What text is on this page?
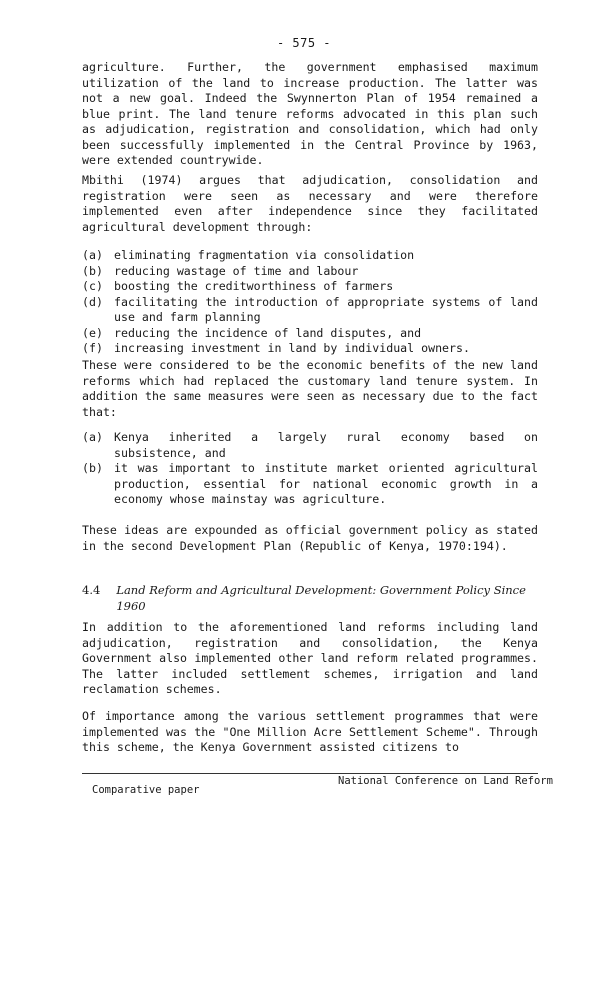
- 575 -

agriculture. Further, the government emphasised maximum utilization of the land to increase production. The latter was not a new goal. Indeed the Swynnerton Plan of 1954 remained a blue print. The land tenure reforms advocated in this plan such as adjudication, registration and consolidation, which had only been successfully implemented in the Central Province by 1963, were extended countrywide.

Mbithi (1974) argues that adjudication, consolidation and registration were seen as necessary and were therefore implemented even after independence since they facilitated agricultural development through:

(a) eliminating fragmentation via consolidation
(b) reducing wastage of time and labour
(c) boosting the creditworthiness of farmers
(d) facilitating the introduction of appropriate systems of land use and farm planning
(e) reducing the incidence of land disputes, and
(f) increasing investment in land by individual owners.

These were considered to be the economic benefits of the new land reforms which had replaced the customary land tenure system. In addition the same measures were seen as necessary due to the fact that:

(a) Kenya inherited a largely rural economy based on subsistence, and
(b) it was important to institute market oriented agricultural production, essential for national economic growth in a economy whose mainstay was agriculture.

These ideas are expounded as official government policy as stated in the second Development Plan (Republic of Kenya, 1970:194).

4.4	Land Reform and Agricultural Development: Government Policy Since 1960

In addition to the aforementioned land reforms including land adjudication, registration and consolidation, the Kenya Government also implemented other land reform related programmes. The latter included settlement schemes, irrigation and land reclamation schemes.

Of importance among the various settlement programmes that were implemented was the "One Million Acre Settlement Scheme". Through this scheme, the Kenya Government assisted citizens to

Comparative paper
National Conference on Land Reform
